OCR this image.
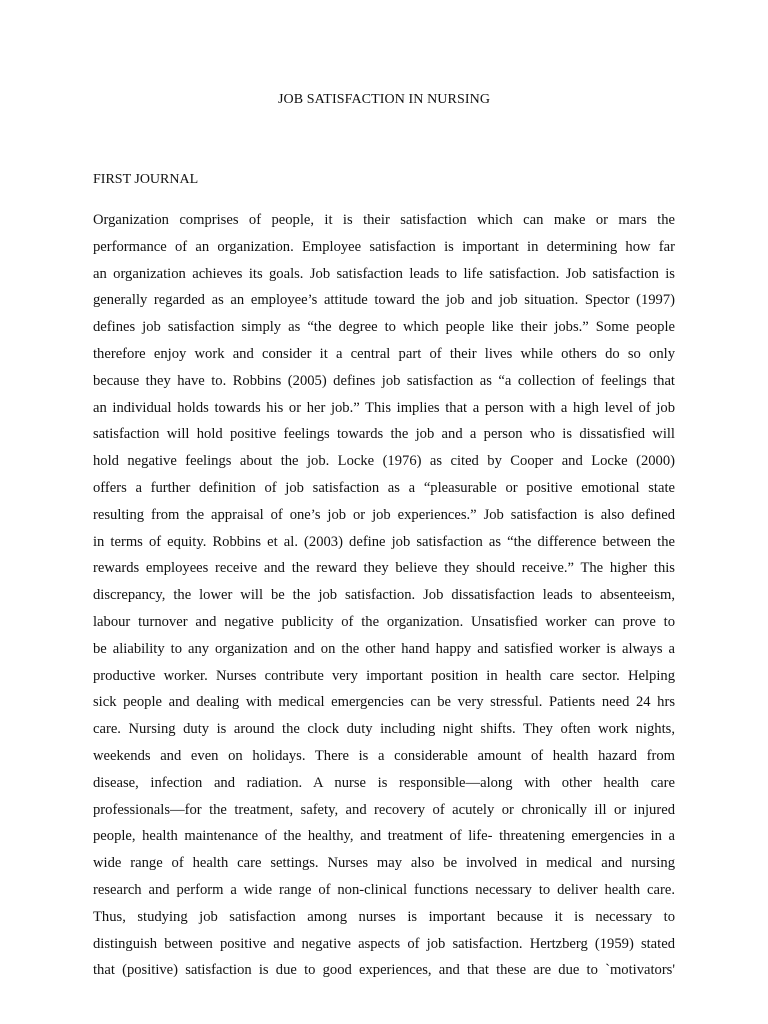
JOB SATISFACTION IN NURSING
FIRST JOURNAL
Organization comprises of people, it is their satisfaction which can make or mars the
performance of an organization. Employee satisfaction is important in determining how far
an organization achieves its goals. Job satisfaction leads to life satisfaction. Job satisfaction is
generally regarded as an employee’s attitude toward the job and job situation. Spector (1997)
defines job satisfaction simply as “the degree to which people like their jobs.” Some people
therefore enjoy work and consider it a central part of their lives while others do so only
because they have to. Robbins (2005) defines job satisfaction as “a collection of feelings that
an individual holds towards his or her job.” This implies that a person with a high level of job
satisfaction will hold positive feelings towards the job and a person who is dissatisfied will
hold negative feelings about the job. Locke (1976) as cited by Cooper and Locke (2000)
offers a further definition of job satisfaction as a “pleasurable or positive emotional state
resulting from the appraisal of one’s job or job experiences.” Job satisfaction is also defined
in terms of equity. Robbins et al. (2003) define job satisfaction as “the difference between the
rewards employees receive and the reward they believe they should receive.” The higher this
discrepancy, the lower will be the job satisfaction. Job dissatisfaction leads to absenteeism,
labour turnover and negative publicity of the organization. Unsatisfied worker can prove to
be aliability to any organization and on the other hand happy and satisfied worker is always a
productive worker. Nurses contribute very important position in health care sector. Helping
sick people and dealing with medical emergencies can be very stressful. Patients need 24 hrs
care. Nursing duty is around the clock duty including night shifts. They often work nights,
weekends and even on holidays. There is a considerable amount of health hazard from
disease, infection and radiation. A nurse is responsible—along with other health care
professionals—for the treatment, safety, and recovery of acutely or chronically ill or injured
people, health maintenance of the healthy, and treatment of life- threatening emergencies in a
wide range of health care settings. Nurses may also be involved in medical and nursing
research and perform a wide range of non-clinical functions necessary to deliver health care.
Thus, studying job satisfaction among nurses is important because it is necessary to
distinguish between positive and negative aspects of job satisfaction. Hertzberg (1959) stated
that (positive) satisfaction is due to good experiences, and that these are due to `motivators'
